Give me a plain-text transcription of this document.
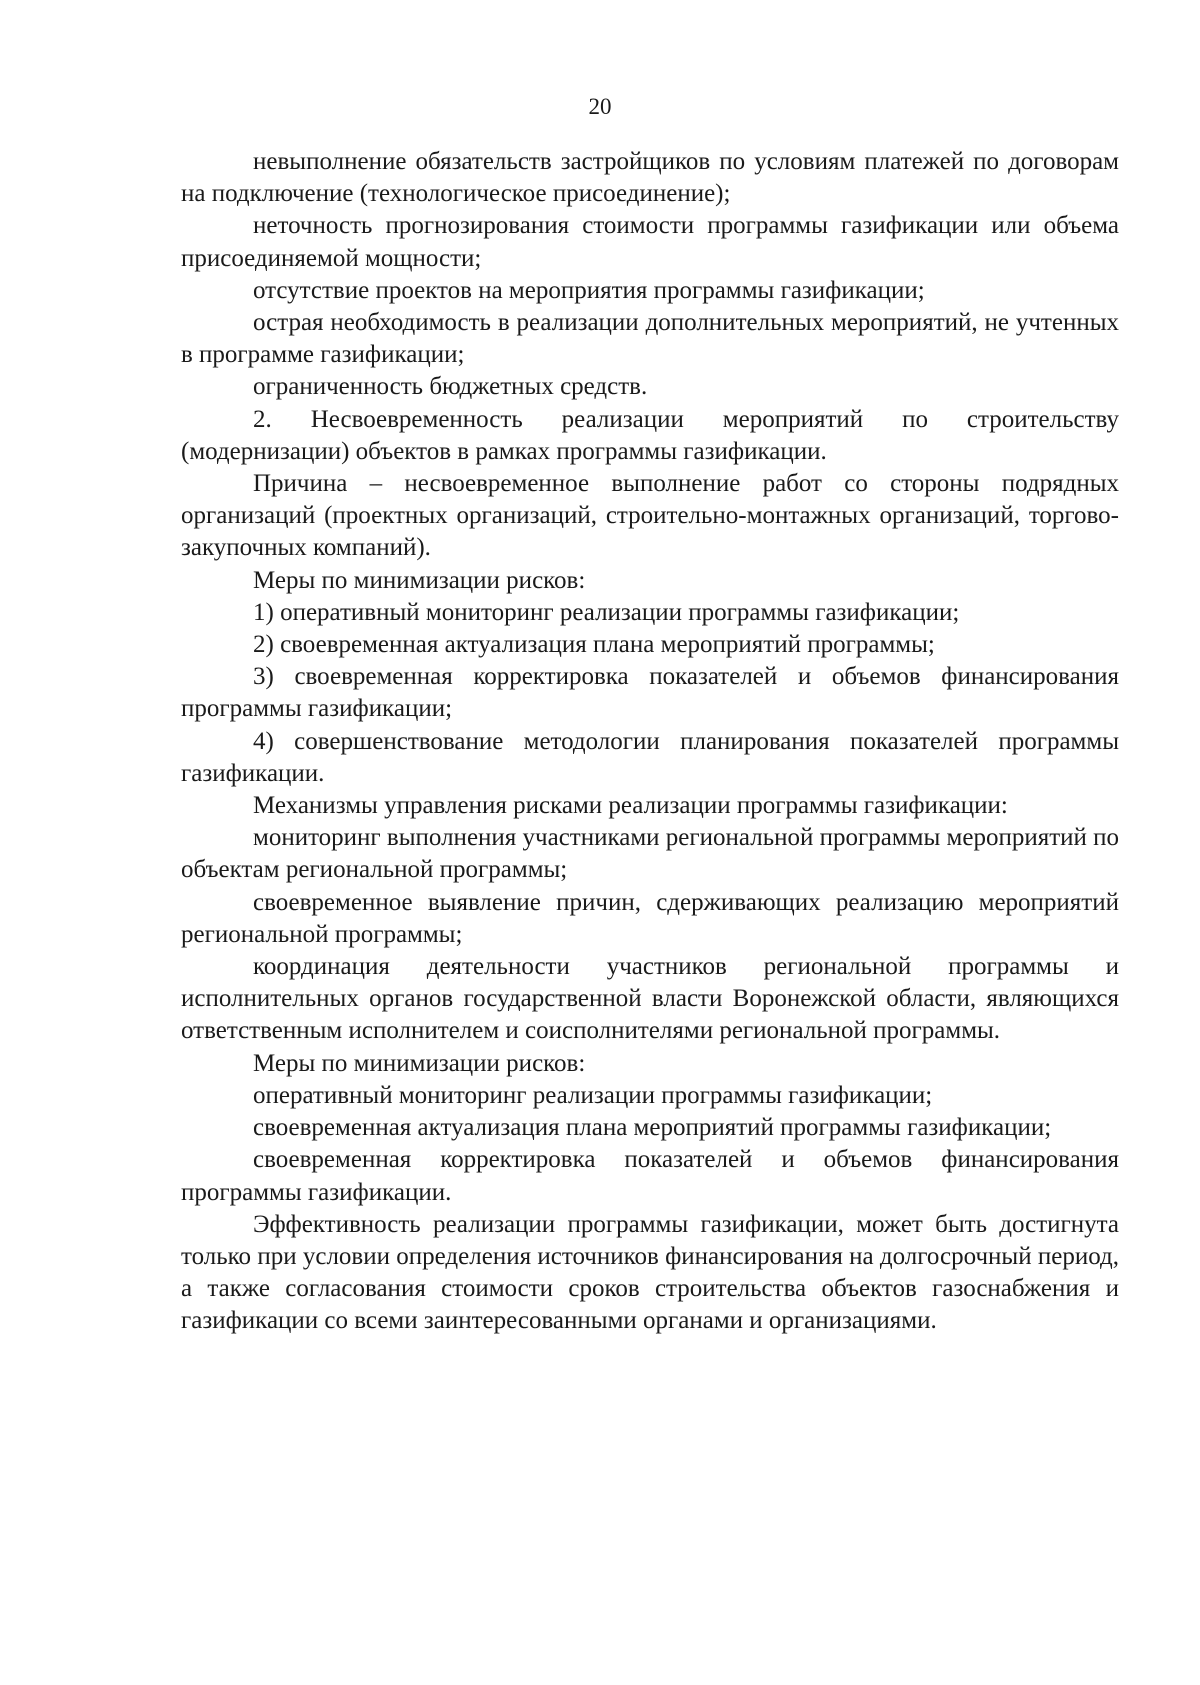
20

невыполнение обязательств застройщиков по условиям платежей по договорам на подключение (технологическое присоединение);

неточность прогнозирования стоимости программы газификации или объема присоединяемой мощности;

отсутствие проектов на мероприятия программы газификации;

острая необходимость в реализации дополнительных мероприятий, не учтенных в программе газификации;

ограниченность бюджетных средств.

2. Несвоевременность реализации мероприятий по строительству (модернизации) объектов в рамках программы газификации.

Причина – несвоевременное выполнение работ со стороны подрядных организаций (проектных организаций, строительно-монтажных организаций, торгово-закупочных компаний).

Меры по минимизации рисков:

1) оперативный мониторинг реализации программы газификации;

2) своевременная актуализация плана мероприятий программы;

3) своевременная корректировка показателей и объемов финансирования программы газификации;

4) совершенствование методологии планирования показателей программы газификации.

Механизмы управления рисками реализации программы газификации:

мониторинг выполнения участниками региональной программы мероприятий по объектам региональной программы;

своевременное выявление причин, сдерживающих реализацию мероприятий региональной программы;

координация деятельности участников региональной программы и исполнительных органов государственной власти Воронежской области, являющихся ответственным исполнителем и соисполнителями региональной программы.

Меры по минимизации рисков:

оперативный мониторинг реализации программы газификации;

своевременная актуализация плана мероприятий программы газификации;

своевременная корректировка показателей и объемов финансирования программы газификации.

Эффективность реализации программы газификации, может быть достигнута только при условии определения источников финансирования на долгосрочный период, а также согласования стоимости сроков строительства объектов газоснабжения и газификации со всеми заинтересованными органами и организациями.
